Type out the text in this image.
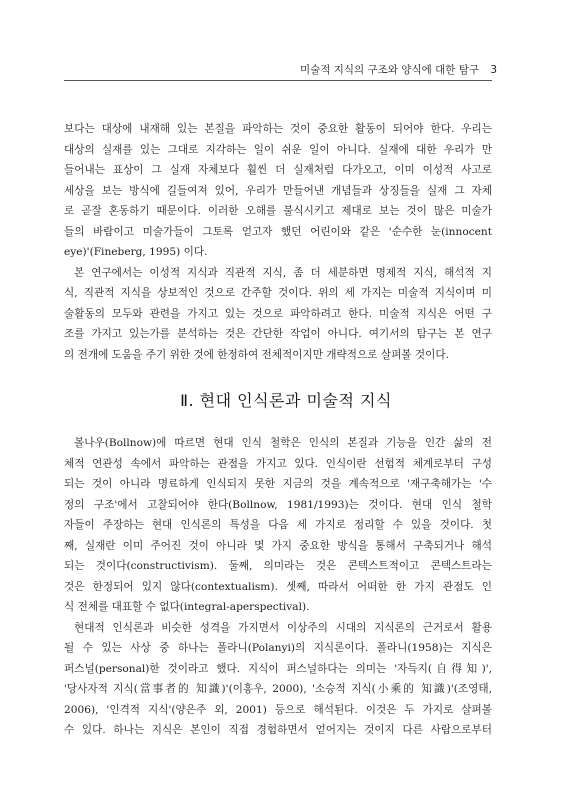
미술적 지식의 구조와 양식에 대한 탐구 3
보다는 대상에 내재해 있는 본질을 파악하는 것이 중요한 활동이 되어야 한다. 우리는
대상의 실재를 있는 그대로 지각하는 일이 쉬운 일이 아니다. 실재에 대한 우리가 만
들어내는 표상이 그 실재 자체보다 훨씬 더 실재처럼 다가오고, 이미 이성적 사고로
세상을 보는 방식에 길들여져 있어, 우리가 만들어낸 개념들과 상징들을 실재 그 자체
로 곧잘 혼동하기 때문이다. 이러한 오해를 불식시키고 제대로 보는 것이 많은 미술가
들의 바람이고 미술가들이 그토록 얻고자 했던 어린이와 같은 '순수한 눈(innocent
eye)'(Fineberg, 1995) 이다.
본 연구에서는 이성적 지식과 직관적 지식, 좀 더 세분하면 명제적 지식, 해석적 지
식, 직관적 지식을 상보적인 것으로 간주할 것이다. 위의 세 가지는 미술적 지식이며 미
술활동의 모두와 관련을 가지고 있는 것으로 파악하려고 한다. 미술적 지식은 어떤 구
조를 가지고 있는가를 분석하는 것은 간단한 작업이 아니다. 여기서의 탐구는 본 연구
의 전개에 도움을 주기 위한 것에 한정하여 전체적이지만 개략적으로 살펴볼 것이다.
Ⅱ. 현대 인식론과 미술적 지식
볼나우(Bollnow)에 따르면 현대 인식 철학은 인식의 본질과 기능을 인간 삶의 전
체적 연관성 속에서 파악하는 관점을 가지고 있다. 인식이란 선험적 체계로부터 구성
되는 것이 아니라 명료하게 인식되지 못한 지금의 것을 계속적으로 '재구축해가는 '수
정의 구조'에서 고찰되어야 한다(Bollnow, 1981/1993)는 것이다. 현대 인식 철학
자들이 주장하는 현대 인식론의 특성을 다음 세 가지로 정리할 수 있을 것이다. 첫
째, 실재란 이미 주어진 것이 아니라 몇 가지 중요한 방식을 통해서 구축되거나 해석
되는 것이다(constructivism). 둘째, 의미라는 것은 콘텍스트적이고 콘텍스트라는
것은 한정되어 있지 않다(contextualism). 셋째, 따라서 어떠한 한 가지 관점도 인
식 전체를 대표할 수 없다(integral-aperspectival).
현대적 인식론과 비슷한 성격을 가지면서 이상주의 시대의 지식론의 근거로서 활용
될 수 있는 사상 중 하나는 폴라니(Polanyi)의 지식론이다. 폴라니(1958)는 지식은
퍼스널(personal)한 것이라고 했다. 지식이 퍼스널하다는 의미는 '자득지(自得知)',
'당사자적 지식(當事者的 知識)'(이홍우, 2000), '소승적 지식(小乘的 知識)'(조영태,
2006), '인격적 지식'(양은주 외, 2001) 등으로 해석된다. 이것은 두 가지로 살펴볼
수 있다. 하나는 지식은 본인이 직접 경험하면서 얻어지는 것이지 다른 사람으로부터
